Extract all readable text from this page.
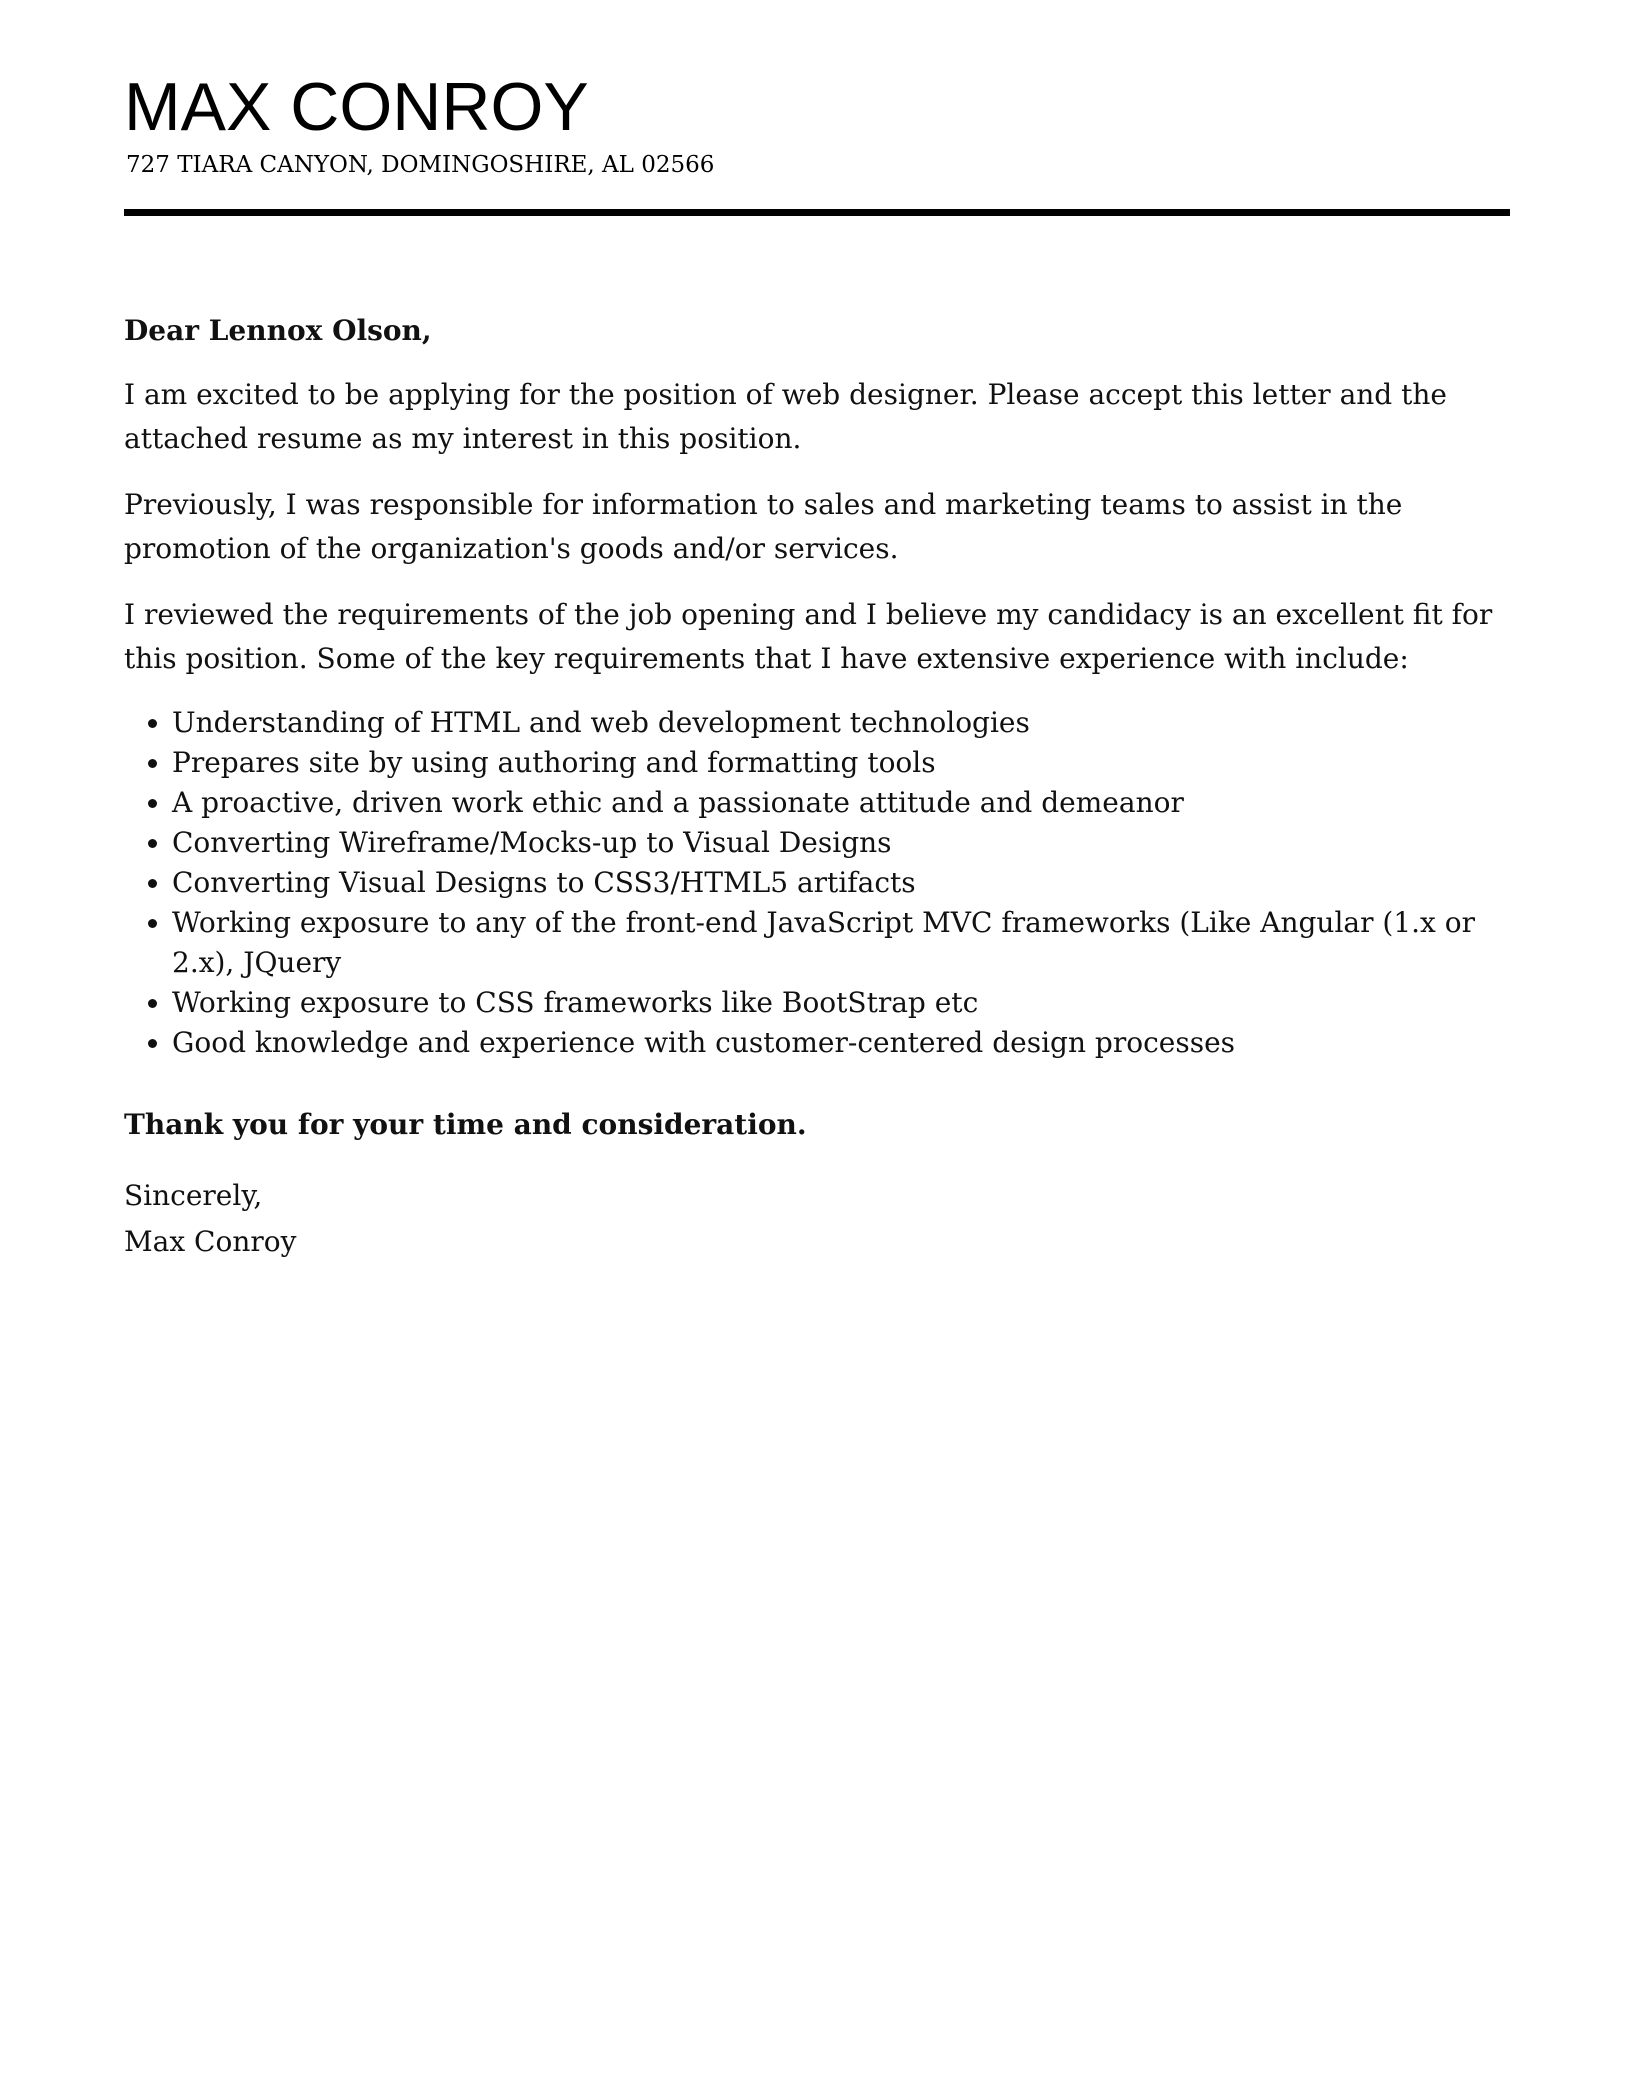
MAX CONROY
727 TIARA CANYON, DOMINGOSHIRE, AL 02566

Dear Lennox Olson,

I am excited to be applying for the position of web designer. Please accept this letter and the attached resume as my interest in this position.

Previously, I was responsible for information to sales and marketing teams to assist in the promotion of the organization's goods and/or services.

I reviewed the requirements of the job opening and I believe my candidacy is an excellent fit for this position. Some of the key requirements that I have extensive experience with include:

• Understanding of HTML and web development technologies
• Prepares site by using authoring and formatting tools
• A proactive, driven work ethic and a passionate attitude and demeanor
• Converting Wireframe/Mocks-up to Visual Designs
• Converting Visual Designs to CSS3/HTML5 artifacts
• Working exposure to any of the front-end JavaScript MVC frameworks (Like Angular (1.x or 2.x), JQuery
• Working exposure to CSS frameworks like BootStrap etc
• Good knowledge and experience with customer-centered design processes

Thank you for your time and consideration.

Sincerely,
Max Conroy
